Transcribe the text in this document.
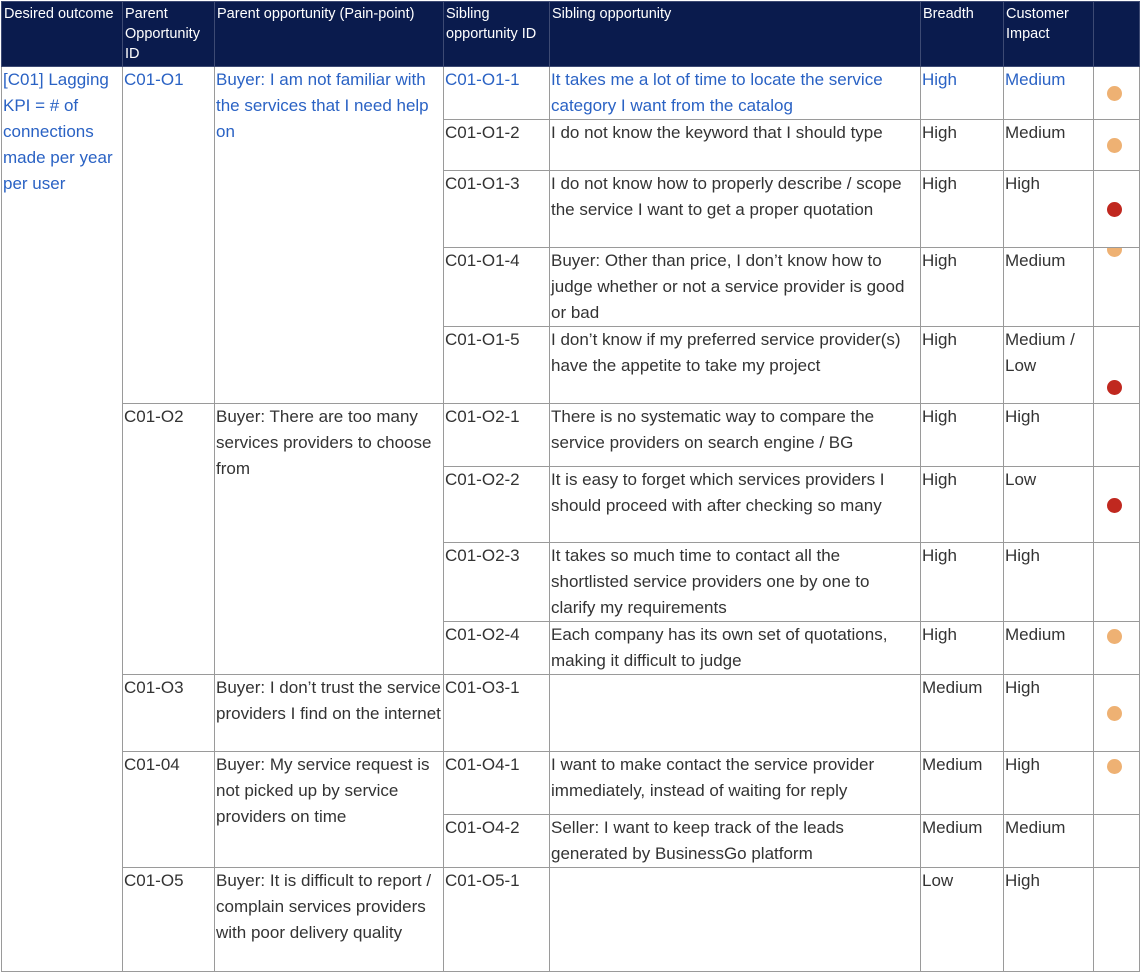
Desired outcome	Parent Opportunity ID	Parent opportunity (Pain-point)	Sibling opportunity ID	Sibling opportunity	Breadth	Customer Impact	
[C01] Lagging KPI = # of connections made per year per user	C01-O1	Buyer: I am not familiar with the services that I need help on	C01-O1-1	It takes me a lot of time to locate the service category I want from the catalog	High	Medium	

			C01-O1-2	I do not know the keyword that I should type	High	Medium	

			C01-O1-3	I do not know how to properly describe / scope the service I want to get a proper quotation	High	High	

			C01-O1-4	Buyer: Other than price, I don’t know how to judge whether or not a service provider is good or bad	High	Medium	

			C01-O1-5	I don’t know if my preferred service provider(s) have the appetite to take my project	High	Medium / Low	

	C01-O2	Buyer: There are too many services providers to choose from	C01-O2-1	There is no systematic way to compare the service providers on search engine / BG	High	High	
			C01-O2-2	It is easy to forget which services providers I should proceed with after checking so many	High	Low	

			C01-O2-3	It takes so much time to contact all the shortlisted service providers one by one to clarify my requirements	High	High	
			C01-O2-4	Each company has its own set of quotations, making it difficult to judge	High	Medium	

	C01-O3	Buyer: I don’t trust the service providers I find on the internet	C01-O3-1		Medium	High	

	C01-04	Buyer: My service request is not picked up by service providers on time	C01-O4-1	I want to make contact the service provider immediately, instead of waiting for reply	Medium	High	

			C01-O4-2	Seller: I want to keep track of the leads generated by BusinessGo platform	Medium	Medium	
	C01-O5	Buyer: It is difficult to report / complain services providers with poor delivery quality	C01-O5-1		Low	High	
